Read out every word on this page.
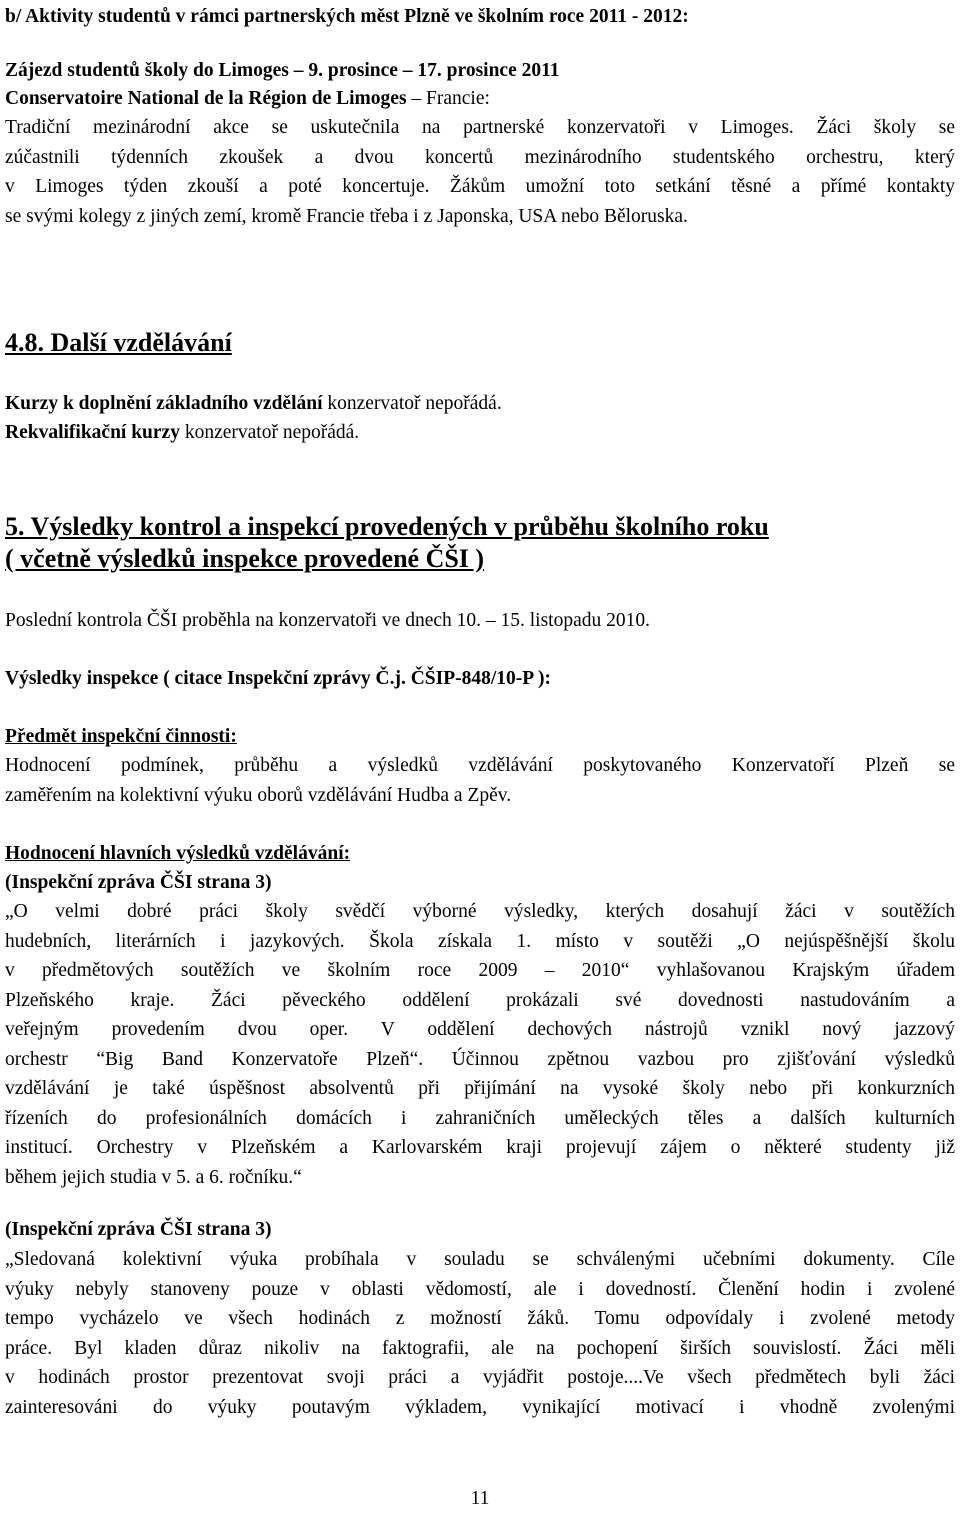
b/ Aktivity studentů v rámci partnerských měst Plzně ve školním roce 2011 - 2012:
Zájezd studentů školy do Limoges – 9. prosince – 17. prosince 2011
Conservatoire National de la Région de Limoges – Francie:
Tradiční mezinárodní akce se uskutečnila na partnerské konzervatoři v Limoges. Žáci školy se
zúčastnili týdenních zkoušek a dvou koncertů mezinárodního studentského orchestru, který
v Limoges týden zkouší a poté koncertuje. Žákům umožní toto setkání těsné a přímé kontakty
se svými kolegy z jiných zemí, kromě Francie třeba i z Japonska, USA nebo Běloruska.
4.8. Další vzdělávání
Kurzy k doplnění základního vzdělání konzervatoř nepořádá.
Rekvalifikační kurzy konzervatoř nepořádá.
5. Výsledky kontrol a inspekcí provedených v průběhu školního roku
( včetně výsledků inspekce provedené ČŠI )
Poslední kontrola ČŠI proběhla na konzervatoři ve dnech 10. – 15. listopadu 2010.
Výsledky inspekce ( citace Inspekční zprávy Č.j. ČŠIP-848/10-P ):
Předmět inspekční činnosti:
Hodnocení podmínek, průběhu a výsledků vzdělávání poskytovaného Konzervatoří Plzeň se
zaměřením na kolektivní výuku oborů vzdělávání Hudba a Zpěv.
Hodnocení hlavních výsledků vzdělávání:
(Inspekční zpráva ČŠI strana 3)
„O velmi dobré práci školy svědčí výborné výsledky, kterých dosahují žáci v soutěžích
hudebních, literárních i jazykových. Škola získala 1. místo v soutěži „O nejúspěšnější školu
v předmětových soutěžích ve školním roce 2009 – 2010“ vyhlašovanou Krajským úřadem
Plzeňského kraje. Žáci pěveckého oddělení prokázali své dovednosti nastudováním a
veřejným provedením dvou oper. V oddělení dechových nástrojů vznikl nový jazzový
orchestr “Big Band Konzervatoře Plzeň“. Účinnou zpětnou vazbou pro zjišťování výsledků
vzdělávání je také úspěšnost absolventů při přijímání na vysoké školy nebo při konkurzních
řízeních do profesionálních domácích i zahraničních uměleckých těles a dalších kulturních
institucí. Orchestry v Plzeňském a Karlovarském kraji projevují zájem o některé studenty již
během jejich studia v 5. a 6. ročníku.“
(Inspekční zpráva ČŠI strana 3)
„Sledovaná kolektivní výuka probíhala v souladu se schválenými učebními dokumenty. Cíle
výuky nebyly stanoveny pouze v oblasti vědomostí, ale i dovedností. Členění hodin i zvolené
tempo vycházelo ve všech hodinách z možností žáků. Tomu odpovídaly i zvolené metody
práce. Byl kladen důraz nikoliv na faktografii, ale na pochopení širších souvislostí. Žáci měli
v hodinách prostor prezentovat svoji práci a vyjádřit postoje....Ve všech předmětech byli žáci
zainteresováni do výuky poutavým výkladem, vynikající motivací i vhodně zvolenými
11
